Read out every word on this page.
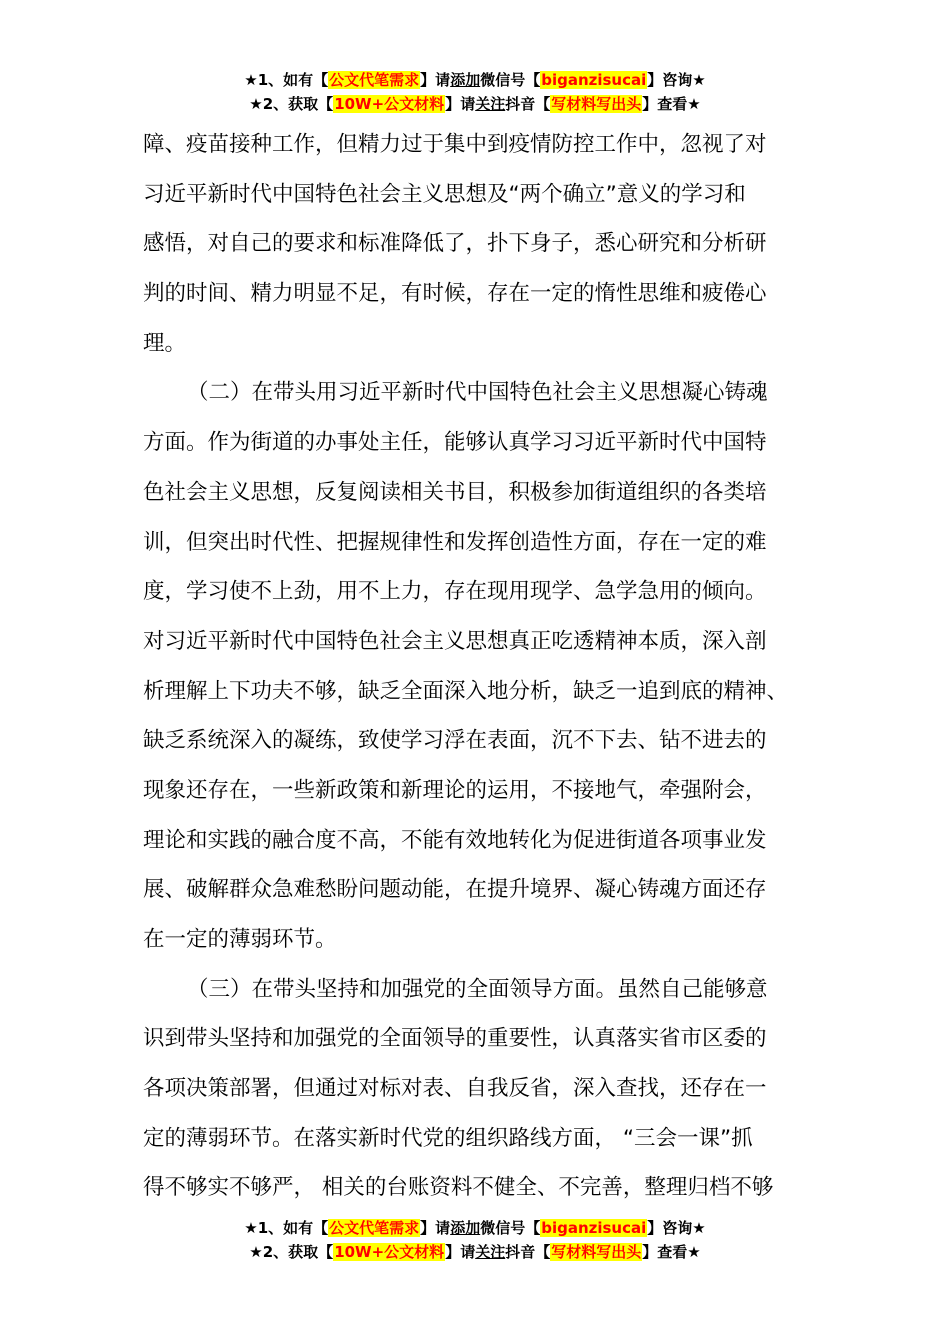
★1、如有【公文代笔需求】请添加微信号【biganzisucai】咨询★
★2、获取【10W+公文材料】请关注抖音【写材料写出头】查看★
障、疫苗接种工作，但精力过于集中到疫情防控工作中，忽视了对
习近平新时代中国特色社会主义思想及“两个确立”意义的学习和
感悟，对自己的要求和标准降低了，扑下身子，悉心研究和分析研
判的时间、精力明显不足，有时候，存在一定的惰性思维和疲倦心
理。
（二）在带头用习近平新时代中国特色社会主义思想凝心铸魂
方面。作为街道的办事处主任，能够认真学习习近平新时代中国特
色社会主义思想，反复阅读相关书目，积极参加街道组织的各类培
训，但突出时代性、把握规律性和发挥创造性方面，存在一定的难
度，学习使不上劲，用不上力，存在现用现学、急学急用的倾向。
对习近平新时代中国特色社会主义思想真正吃透精神本质，深入剖
析理解上下功夫不够，缺乏全面深入地分析，缺乏一追到底的精神、
缺乏系统深入的凝练，致使学习浮在表面，沉不下去、钻不进去的
现象还存在，一些新政策和新理论的运用，不接地气，牵强附会，
理论和实践的融合度不高，不能有效地转化为促进街道各项事业发
展、破解群众急难愁盼问题动能，在提升境界、凝心铸魂方面还存
在一定的薄弱环节。
（三）在带头坚持和加强党的全面领导方面。虽然自己能够意
识到带头坚持和加强党的全面领导的重要性，认真落实省市区委的
各项决策部署，但通过对标对表、自我反省，深入查找，还存在一
定的薄弱环节。在落实新时代党的组织路线方面， “三会一课”抓
得不够实不够严， 相关的台账资料不健全、不完善，整理归档不够
★1、如有【公文代笔需求】请添加微信号【biganzisucai】咨询★
★2、获取【10W+公文材料】请关注抖音【写材料写出头】查看★
